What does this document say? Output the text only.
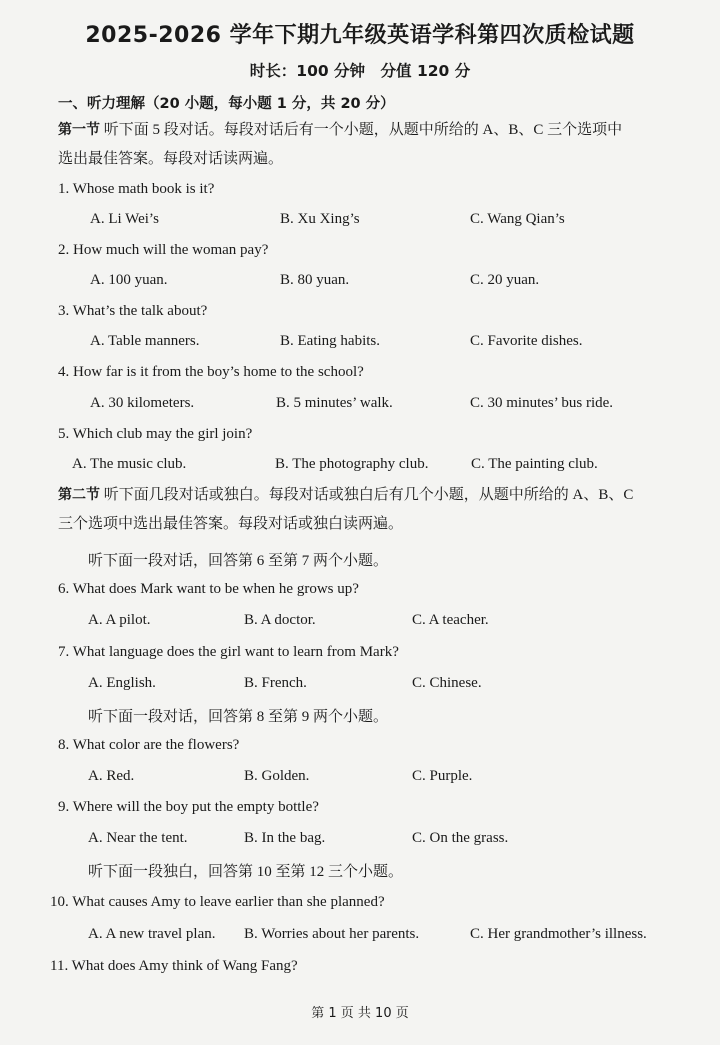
2025-2026 学年下期九年级英语学科第四次质检试题
时长：100 分钟　分值 120 分
一、听力理解（20 小题，每小题 1 分，共 20 分）
第一节 听下面 5 段对话。每段对话后有一个小题，从题中所给的 A、B、C 三个选项中
选出最佳答案。每段对话读两遍。
1. Whose math book is it?
A. Li Wei’s	B. Xu Xing’s	C. Wang Qian’s
2. How much will the woman pay?
A. 100 yuan.	B. 80 yuan.	C. 20 yuan.
3. What’s the talk about?
A. Table manners.	B. Eating habits.	C. Favorite dishes.
4. How far is it from the boy’s home to the school?
A. 30 kilometers.	B. 5 minutes’ walk.	C. 30 minutes’ bus ride.
5. Which club may the girl join?
A. The music club.	B. The photography club.	C. The painting club.
第二节 听下面几段对话或独白。每段对话或独白后有几个小题，从题中所给的 A、B、C
三个选项中选出最佳答案。每段对话或独白读两遍。
听下面一段对话，回答第 6 至第 7 两个小题。
6. What does Mark want to be when he grows up?
A. A pilot.	B. A doctor.	C. A teacher.
7. What language does the girl want to learn from Mark?
A. English.	B. French.	C. Chinese.
听下面一段对话，回答第 8 至第 9 两个小题。
8. What color are the flowers?
A. Red.	B. Golden.	C. Purple.
9. Where will the boy put the empty bottle?
A. Near the tent.	B. In the bag.	C. On the grass.
听下面一段独白，回答第 10 至第 12 三个小题。
10. What causes Amy to leave earlier than she planned?
A. A new travel plan. B. Worries about her parents.	C. Her grandmother’s illness.
11. What does Amy think of Wang Fang?
第 1 页 共 10 页
